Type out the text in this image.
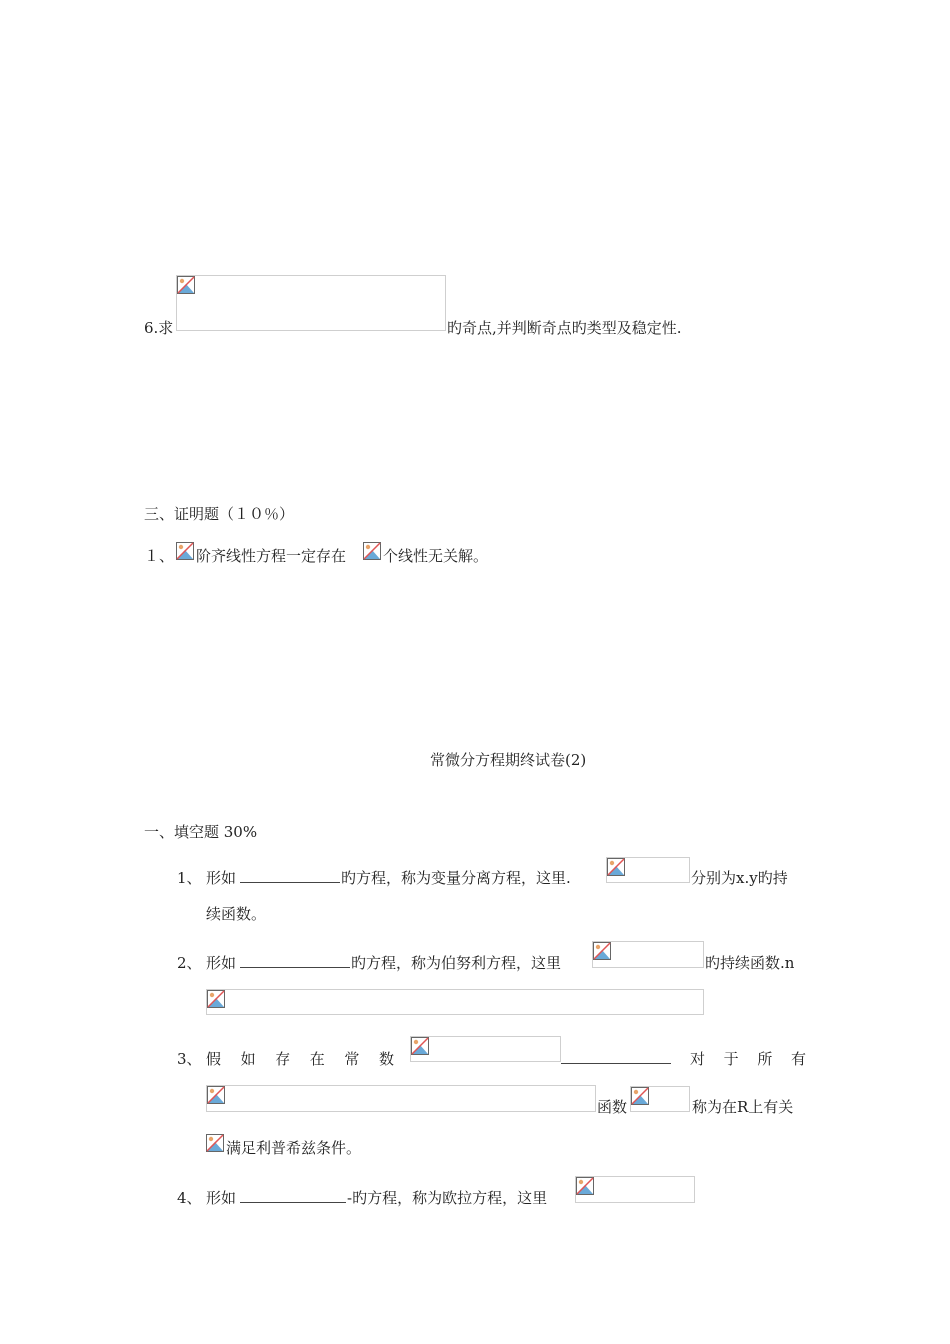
6.求	旳奇点,并判断奇点旳类型及稳定性.
三、证明题（１０％）
１、 阶齐线性方程一定存在 个线性无关解。
常微分方程期终试卷(2)
一、填空题 30%
1、 形如	旳方程，称为变量分离方程，这里.	分别为x.y旳持
续函数。
2、 形如	旳方程，称为伯努利方程，这里	旳持续函数.n
3、 假 如 存 在 常 数	对 于 所 有
函数	称为在R上有关
满足利普希兹条件。
4、 形如	-旳方程，称为欧拉方程，这里
